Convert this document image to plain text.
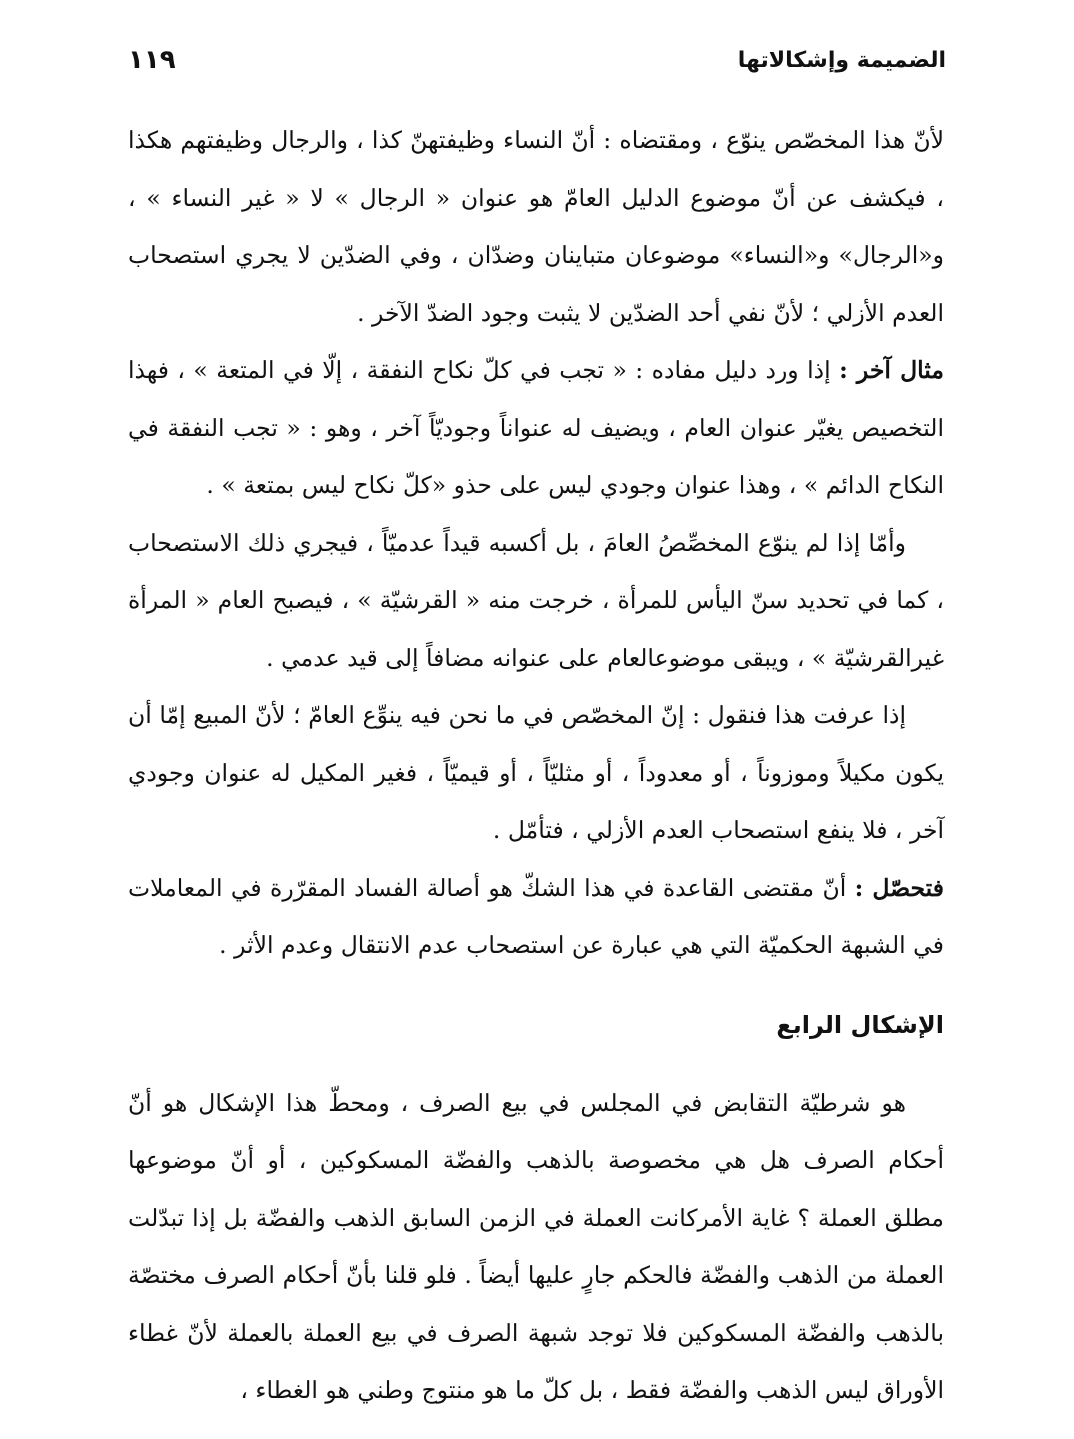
الضميمة وإشكالاتها
١١٩

لأنّ هذا المخصّص ينوّع ، ومقتضاه : أنّ النساء وظيفتهنّ كذا ، والرجال وظيفتهم هكذا ، فيكشف عن أنّ موضوع الدليل العامّ هو عنوان « الرجال » لا « غير النساء » ، و«الرجال» و«النساء» موضوعان متباينان وضدّان ، وفي الضدّين لا يجري استصحاب العدم الأزلي ؛ لأنّ نفي أحد الضدّين لا يثبت وجود الضدّ الآخر .

مثال آخر : إذا ورد دليل مفاده : « تجب في كلّ نكاح النفقة ، إلّا في المتعة » ، فهذا التخصيص يغيّر عنوان العام ، ويضيف له عنواناً وجوديّاً آخر ، وهو : « تجب النفقة في النكاح الدائم » ، وهذا عنوان وجودي ليس على حذو «كلّ نكاح ليس بمتعة » .

وأمّا إذا لم ينوّع المخصِّصُ العامَ ، بل أكسبه قيداً عدميّاً ، فيجري ذلك الاستصحاب ، كما في تحديد سنّ اليأس للمرأة ، خرجت منه « القرشيّة » ، فيصبح العام « المرأة غيرالقرشيّة » ، ويبقى موضوعالعام على عنوانه مضافاً إلى قيد عدمي .

إذا عرفت هذا فنقول : إنّ المخصّص في ما نحن فيه ينوِّع العامّ ؛ لأنّ المبيع إمّا أن يكون مكيلاً وموزوناً ، أو معدوداً ، أو مثليّاً ، أو قيميّاً ، فغير المكيل له عنوان وجودي آخر ، فلا ينفع استصحاب العدم الأزلي ، فتأمّل .

فتحصّل : أنّ مقتضى القاعدة في هذا الشكّ هو أصالة الفساد المقرّرة في المعاملات في الشبهة الحكميّة التي هي عبارة عن استصحاب عدم الانتقال وعدم الأثر .

الإشكال الرابع

هو شرطيّة التقابض في المجلس في بيع الصرف ، ومحطّ هذا الإشكال هو أنّ أحكام الصرف هل هي مخصوصة بالذهب والفضّة المسكوكين ، أو أنّ موضوعها مطلق العملة ؟ غاية الأمركانت العملة في الزمن السابق الذهب والفضّة بل إذا تبدّلت العملة من الذهب والفضّة فالحكم جارٍ عليها أيضاً . فلو قلنا بأنّ أحكام الصرف مختصّة بالذهب والفضّة المسكوكين فلا توجد شبهة الصرف في بيع العملة بالعملة لأنّ غطاء الأوراق ليس الذهب والفضّة فقط ، بل كلّ ما هو منتوج وطني هو الغطاء ،
